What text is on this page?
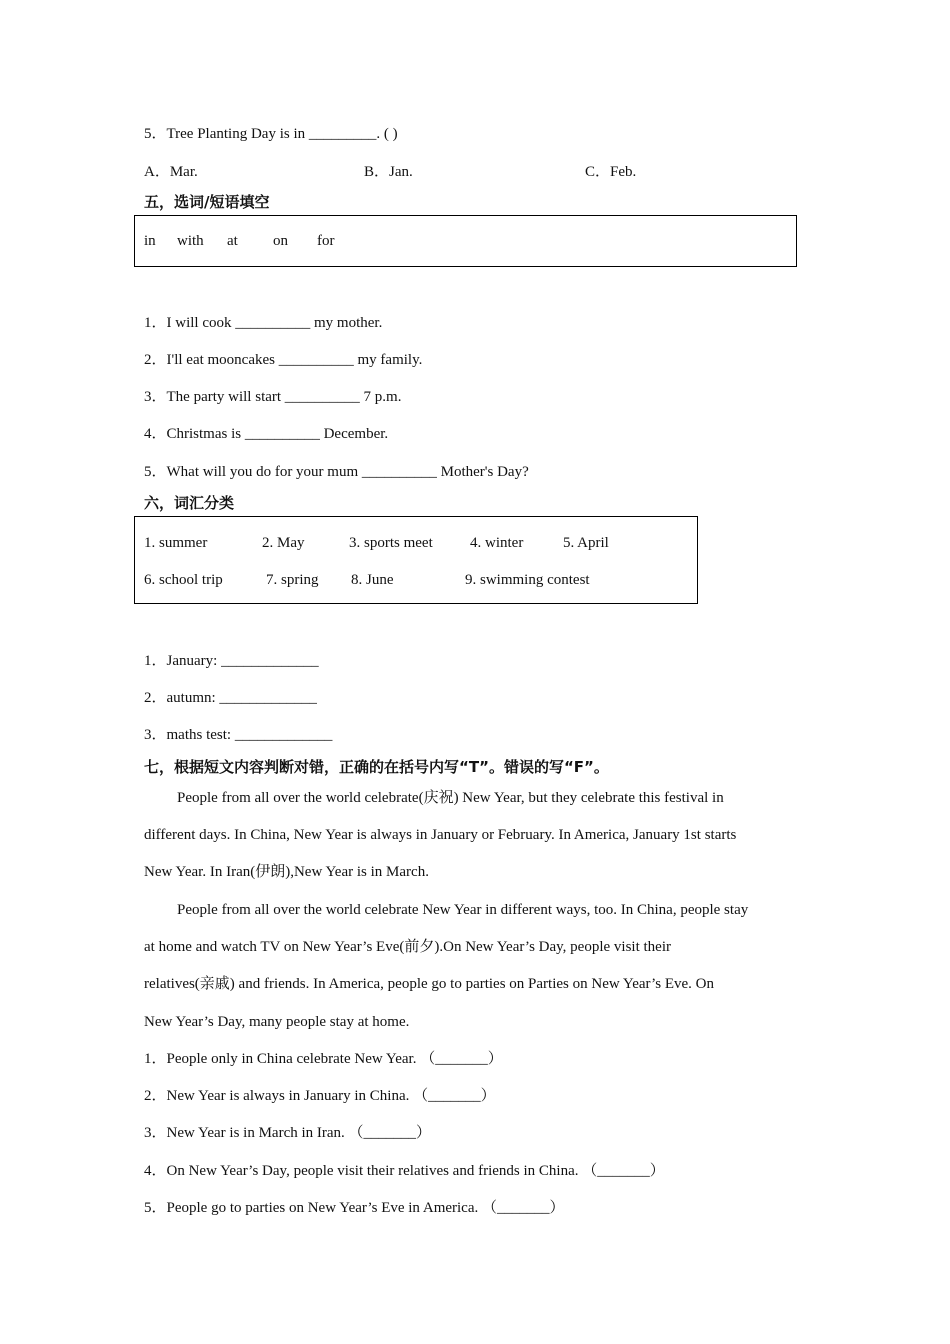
5．Tree Planting Day is in _________. ( )
A．Mar.	B．Jan.	C．Feb.
五，选词/短语填空
in with at on for
1．I will cook __________ my mother.
2．I'll eat mooncakes __________ my family.
3．The party will start __________ 7 p.m.
4．Christmas is __________ December.
5．What will you do for your mum __________ Mother's Day?
六，词汇分类
1. summer	2. May	3. sports meet 4. winter	5. April
6. school trip	7. spring 8. June	9. swimming contest
1．January: _____________
2．autumn: _____________
3．maths test: _____________
七，根据短文内容判断对错，正确的在括号内写“T”。错误的写“F”。
People from all over the world celebrate(庆祝) New Year, but they celebrate this festival in
different days. In China, New Year is always in January or February. In America, January 1st starts
New Year. In Iran(伊朗),New Year is in March.
People from all over the world celebrate New Year in different ways, too. In China, people stay
at home and watch TV on New Year’s Eve(前夕).On New Year’s Day, people visit their
relatives(亲戚) and friends. In America, people go to parties on Parties on New Year’s Eve. On
New Year’s Day, many people stay at home.
1．People only in China celebrate New Year. （_______）
2．New Year is always in January in China. （_______）
3．New Year is in March in Iran. （_______）
4．On New Year’s Day, people visit their relatives and friends in China. （_______）
5．People go to parties on New Year’s Eve in America. （_______）
